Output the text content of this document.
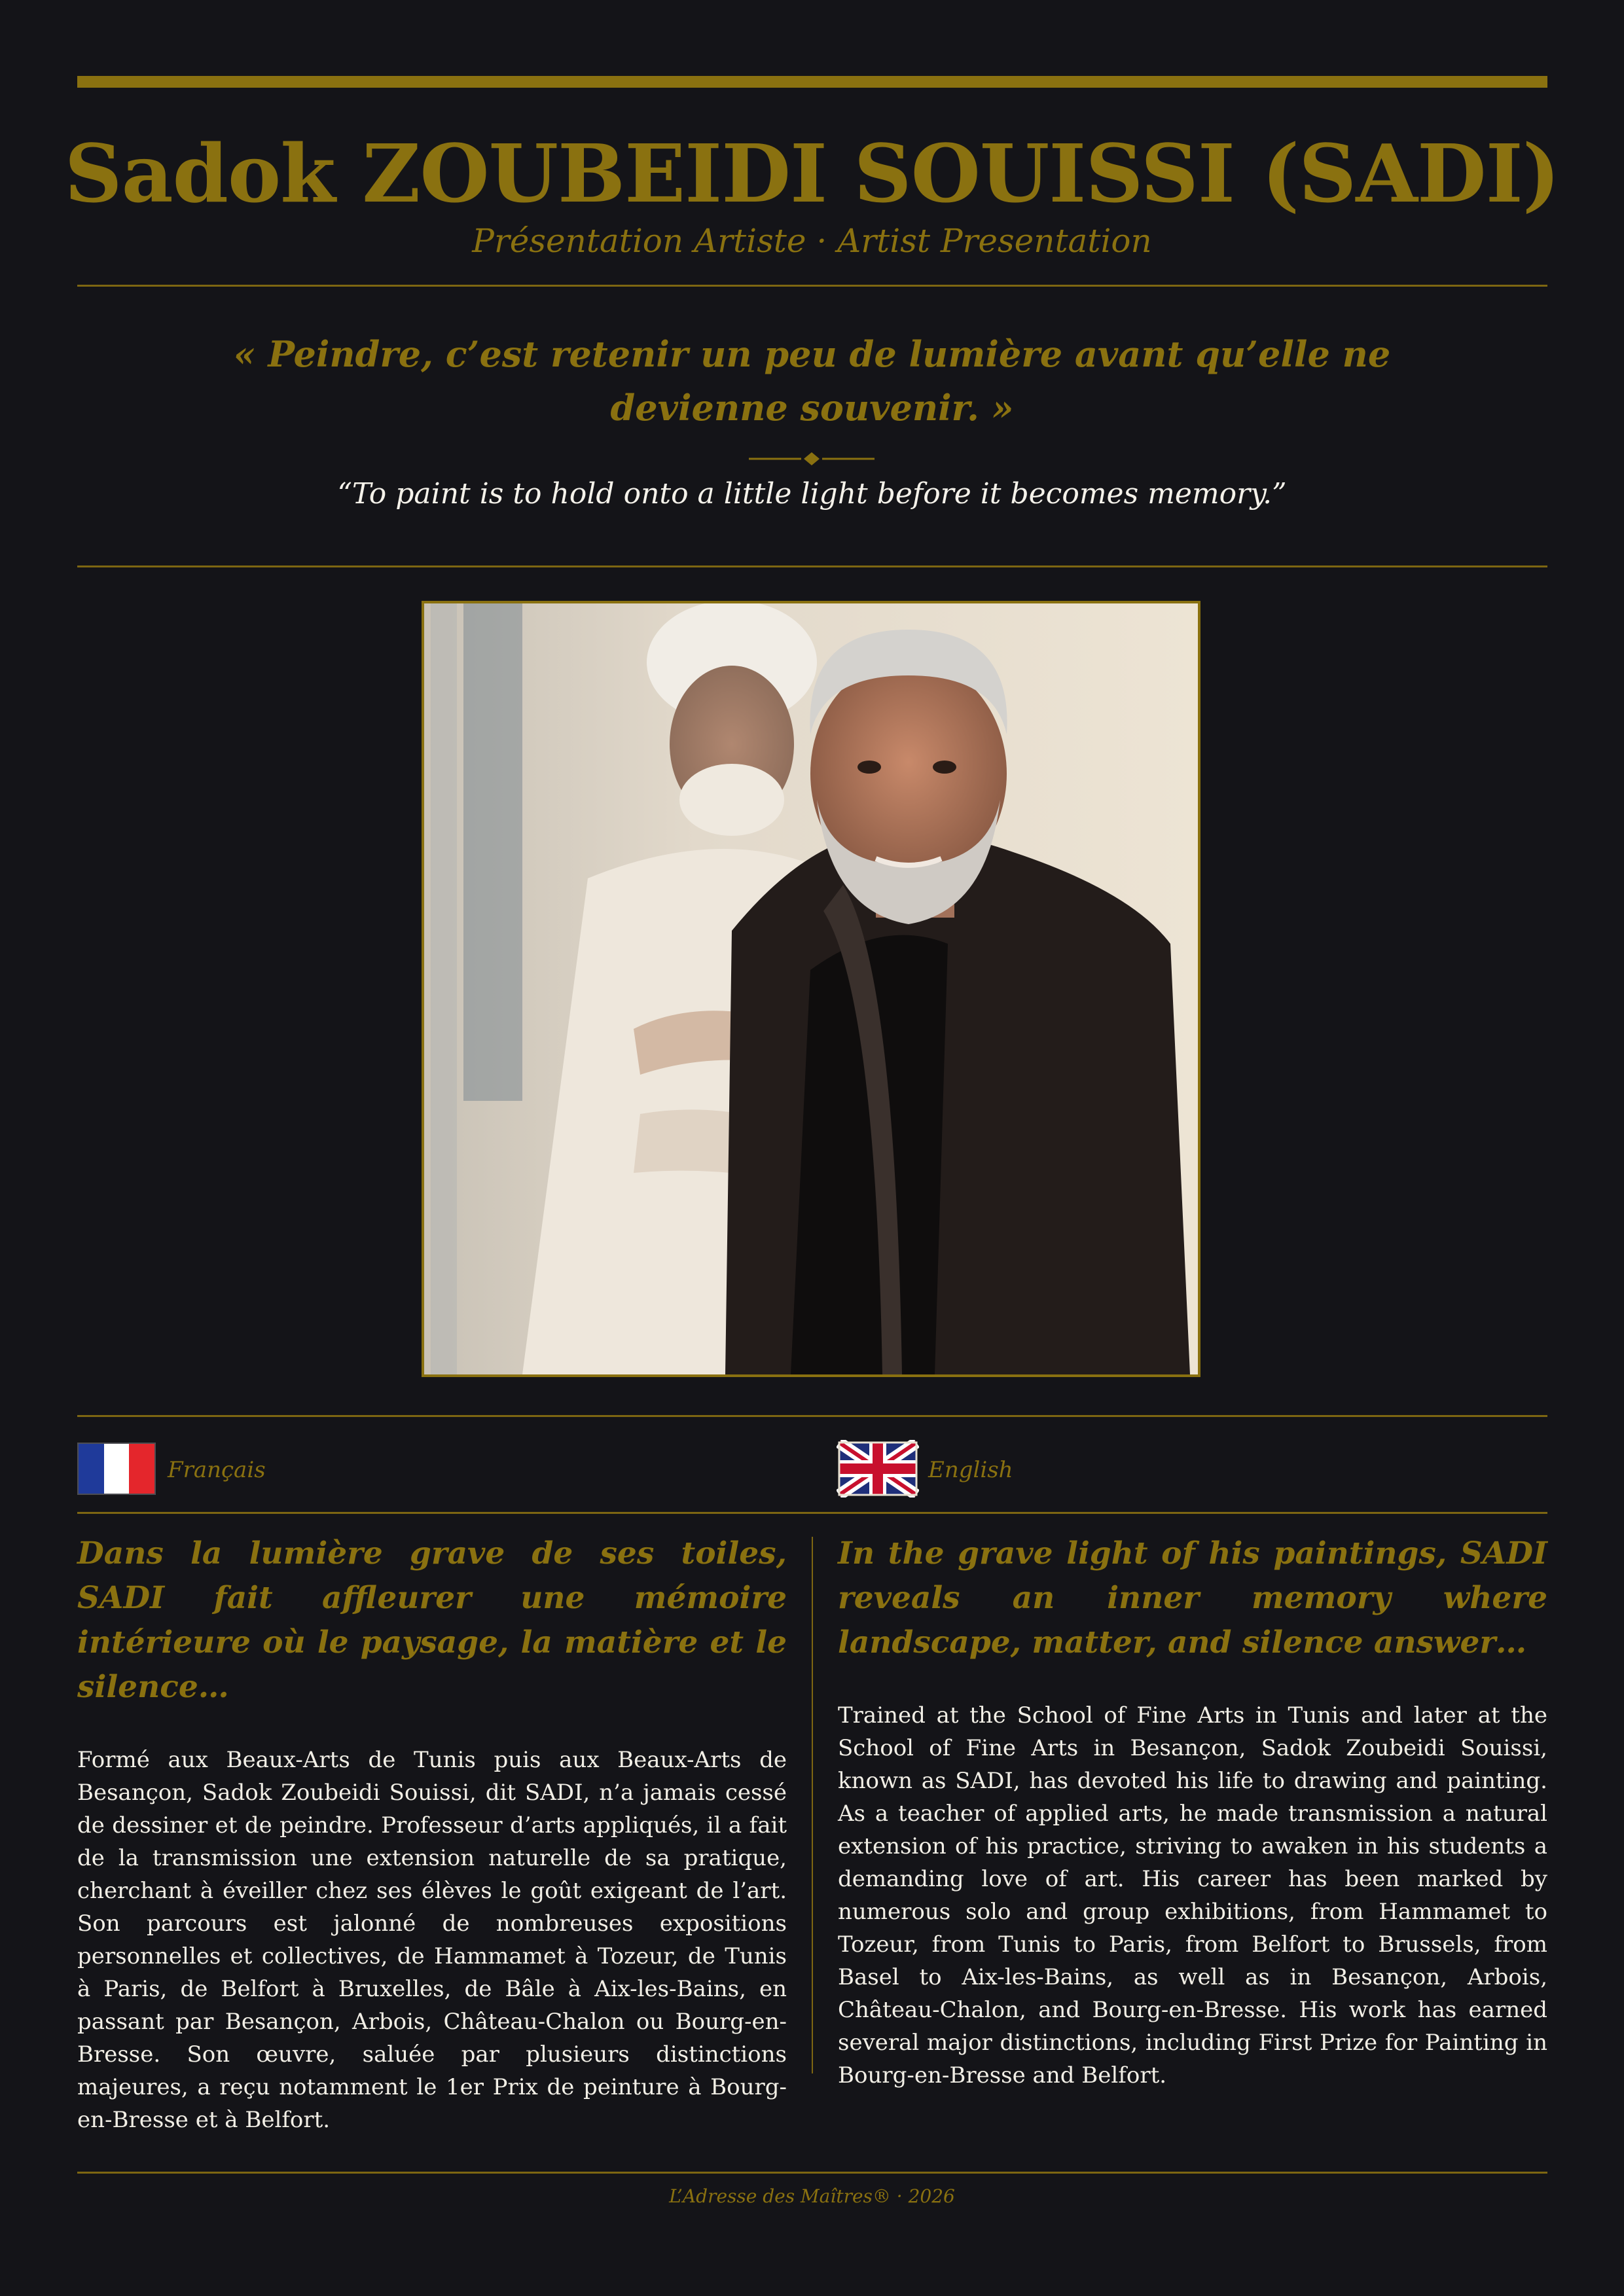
Sadok ZOUBEIDI SOUISSI (SADI)
Présentation Artiste · Artist Presentation
« Peindre, c’est retenir un peu de lumière avant qu’elle ne devienne souvenir. »
“To paint is to hold onto a little light before it becomes memory.”
Français	English
Dans la lumière grave de ses toiles, SADI fait affleurer une mémoire intérieure où le paysage, la matière et le silence…
Formé aux Beaux-Arts de Tunis puis aux Beaux-Arts de Besançon, Sadok Zoubeidi Souissi, dit SADI, n’a jamais cessé de dessiner et de peindre. Professeur d’arts appliqués, il a fait de la transmission une extension naturelle de sa pratique, cherchant à éveiller chez ses élèves le goût exigeant de l’art. Son parcours est jalonné de nombreuses expositions personnelles et collectives, de Hammamet à Tozeur, de Tunis à Paris, de Belfort à Bruxelles, de Bâle à Aix-les-Bains, en passant par Besançon, Arbois, Château-Chalon ou Bourg-en-Bresse. Son œuvre, saluée par plusieurs distinctions majeures, a reçu notamment le 1er Prix de peinture à Bourg-en-Bresse et à Belfort.
In the grave light of his paintings, SADI reveals an inner memory where landscape, matter, and silence answer…
Trained at the School of Fine Arts in Tunis and later at the School of Fine Arts in Besançon, Sadok Zoubeidi Souissi, known as SADI, has devoted his life to drawing and painting. As a teacher of applied arts, he made transmission a natural extension of his practice, striving to awaken in his students a demanding love of art. His career has been marked by numerous solo and group exhibitions, from Hammamet to Tozeur, from Tunis to Paris, from Belfort to Brussels, from Basel to Aix-les-Bains, as well as in Besançon, Arbois, Château-Chalon, and Bourg-en-Bresse. His work has earned several major distinctions, including First Prize for Painting in Bourg-en-Bresse and Belfort.
L’Adresse des Maîtres® · 2026
